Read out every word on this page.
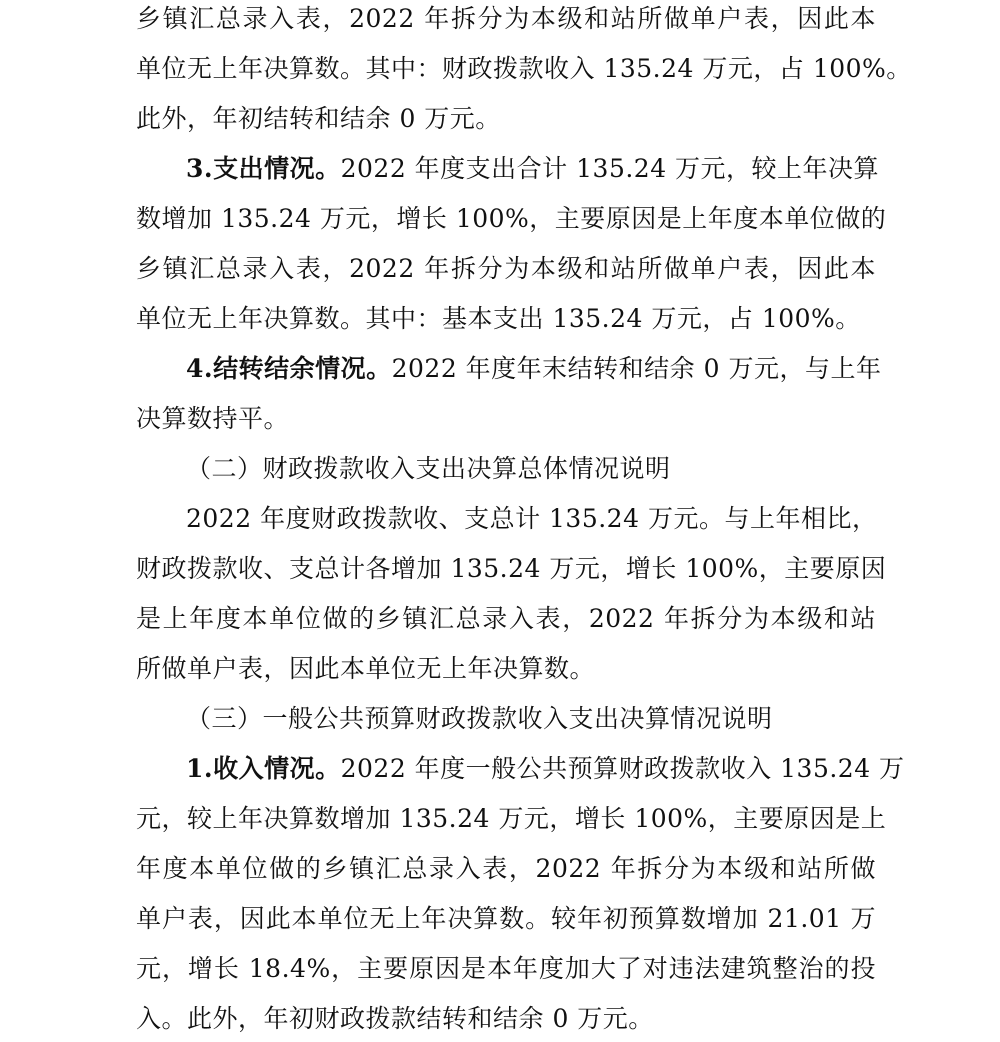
乡镇汇总录入表，2022 年拆分为本级和站所做单户表，因此本
单位无上年决算数。其中：财政拨款收入 135.24 万元，占 100%。
此外，年初结转和结余 0 万元。
3.支出情况。2022 年度支出合计 135.24 万元，较上年决算
数增加 135.24 万元，增长 100%，主要原因是上年度本单位做的
乡镇汇总录入表，2022 年拆分为本级和站所做单户表，因此本
单位无上年决算数。其中：基本支出 135.24 万元，占 100%。
4.结转结余情况。2022 年度年末结转和结余 0 万元，与上年
决算数持平。
（二）财政拨款收入支出决算总体情况说明
2022 年度财政拨款收、支总计 135.24 万元。与上年相比，
财政拨款收、支总计各增加 135.24 万元，增长 100%，主要原因
是上年度本单位做的乡镇汇总录入表，2022 年拆分为本级和站
所做单户表，因此本单位无上年决算数。
（三）一般公共预算财政拨款收入支出决算情况说明
1.收入情况。2022 年度一般公共预算财政拨款收入 135.24 万
元，较上年决算数增加 135.24 万元，增长 100%，主要原因是上
年度本单位做的乡镇汇总录入表，2022 年拆分为本级和站所做
单户表，因此本单位无上年决算数。较年初预算数增加 21.01 万
元，增长 18.4%，主要原因是本年度加大了对违法建筑整治的投
入。此外，年初财政拨款结转和结余 0 万元。
